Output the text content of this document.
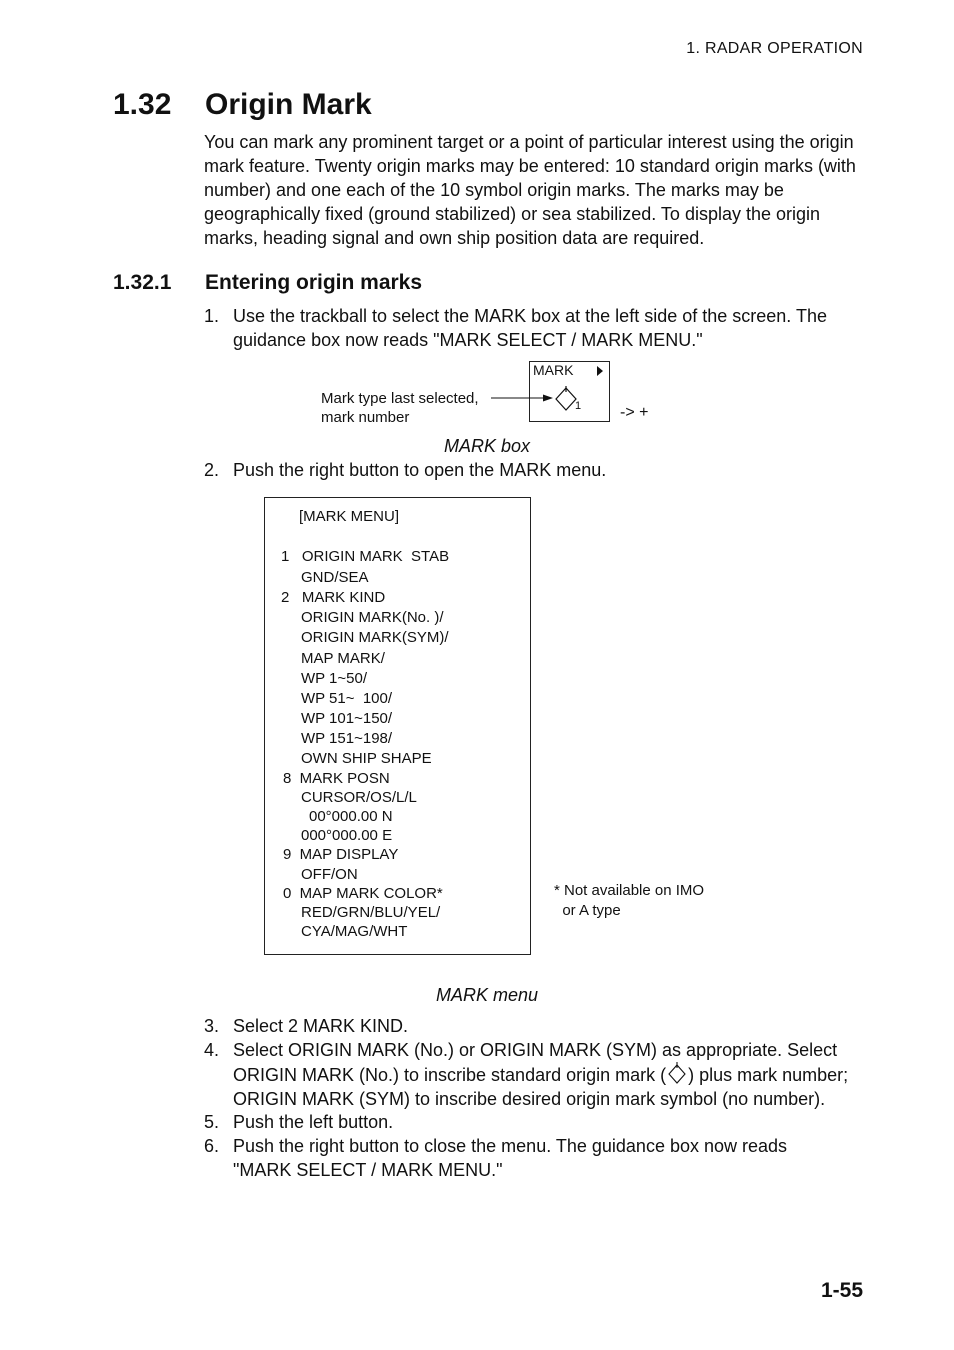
1. RADAR OPERATION
1.32 Origin Mark

You can mark any prominent target or a point of particular interest using the origin mark feature. Twenty origin marks may be entered: 10 standard origin marks (with number) and one each of the 10 symbol origin marks. The marks may be geographically fixed (ground stabilized) or sea stabilized. To display the origin marks, heading signal and own ship position data are required.

1.32.1 Entering origin marks
1. Use the trackball to select the MARK box at the left side of the screen. The
guidance box now reads "MARK SELECT / MARK MENU."
MARK
1
Mark type last selected,
mark number	-> +
MARK box
2. Push the right button to open the MARK menu.
[MARK MENU]
1   ORIGIN MARK  STAB
GND/SEA
2   MARK KIND
ORIGIN MARK(No. )/
ORIGIN MARK(SYM)/
MAP MARK/
WP 1~50/
WP 51~  100/
WP 101~150/
WP 151~198/
OWN SHIP SHAPE
8  MARK POSN
CURSOR/OS/L/L
00°000.00 N
000°000.00 E
9  MAP DISPLAY
OFF/ON
0  MAP MARK COLOR*
RED/GRN/BLU/YEL/
CYA/MAG/WHT
* Not available on IMO
or A type
MARK menu
3. Select 2 MARK KIND.
4. Select ORIGIN MARK (No.) or ORIGIN MARK (SYM) as appropriate. Select
ORIGIN MARK (No.) to inscribe standard origin mark ( ) plus mark number;
ORIGIN MARK (SYM) to inscribe desired origin mark symbol (no number).
5. Push the left button.
6. Push the right button to close the menu. The guidance box now reads
"MARK SELECT / MARK MENU."
1-55
